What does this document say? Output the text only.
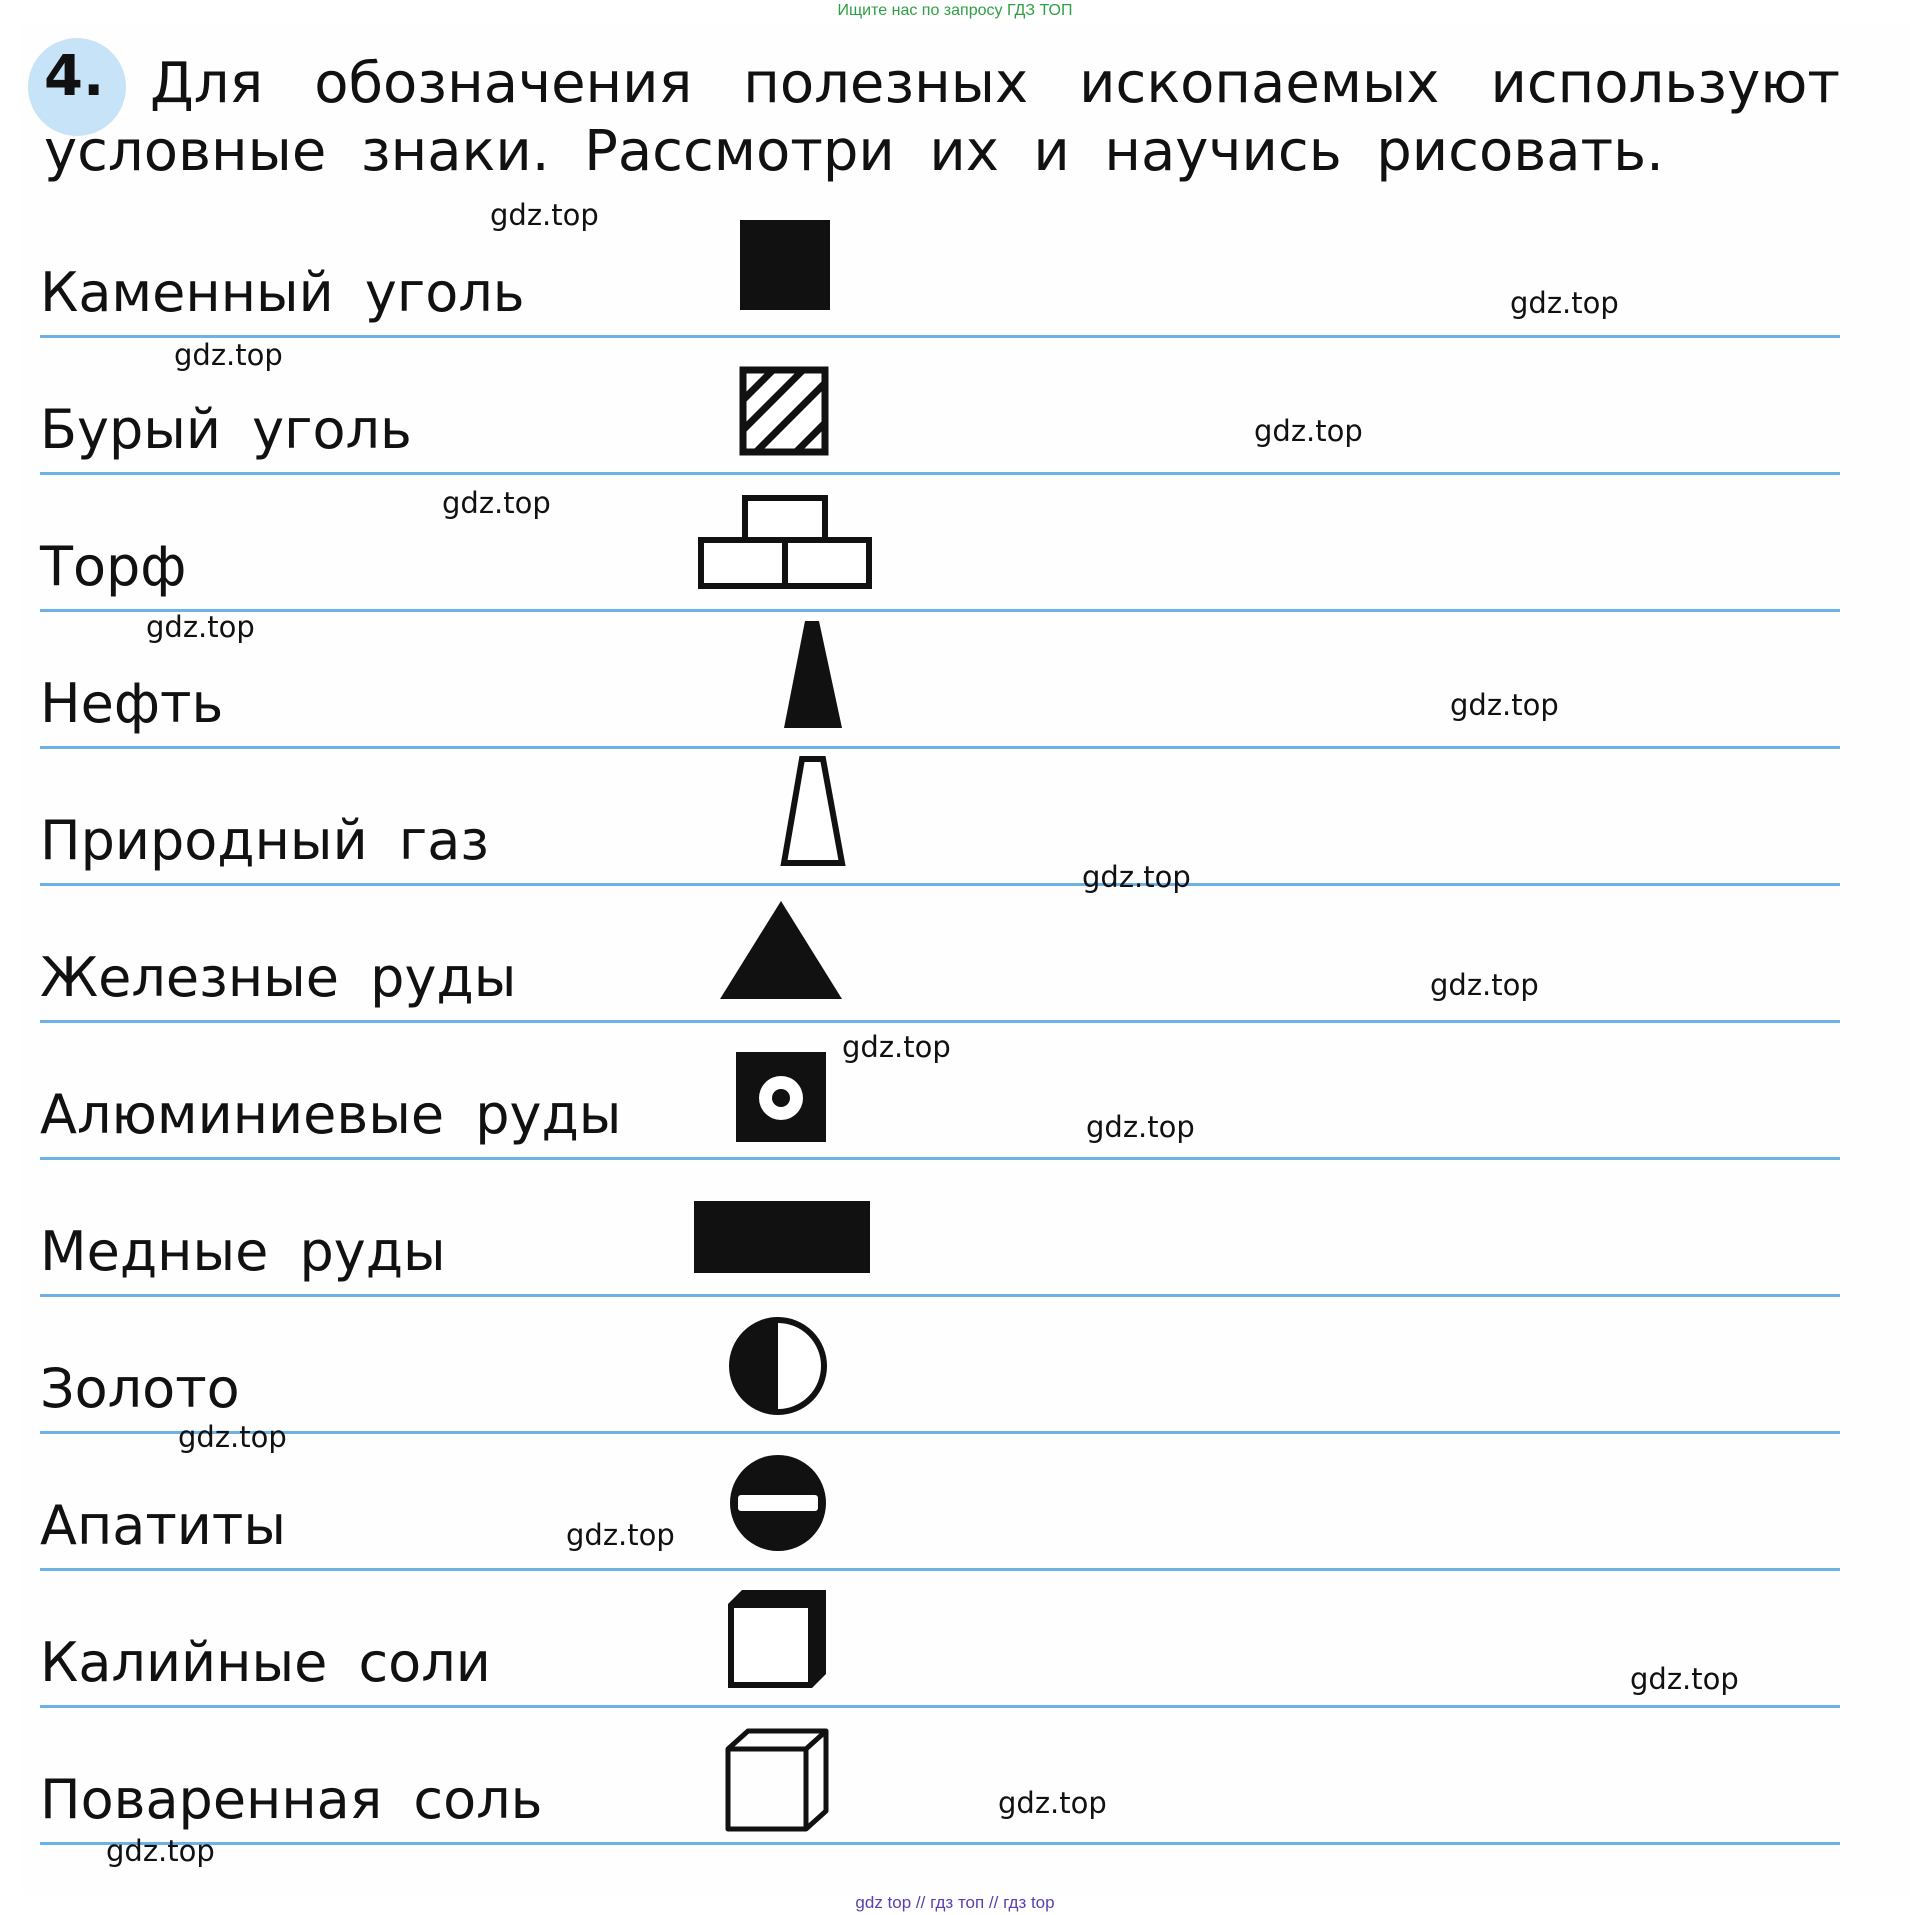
Ищите нас по запросу ГДЗ ТОП
4. Для обозначения полезных ископаемых используют
условные знаки. Рассмотри их и научись рисовать.
Каменный уголь
Бурый уголь
Торф
Нефть
Природный газ
Железные руды
Алюминиевые руды
Медные руды
Золото
Апатиты
Калийные соли
Поваренная соль
gdz.top
gdz.top
gdz.top
gdz.top
gdz.top
gdz.top
gdz.top
gdz.top
gdz.top
gdz.top
gdz.top
gdz.top
gdz.top
gdz.top
gdz.top
gdz.top
gdz top // гдз топ // гдз top
